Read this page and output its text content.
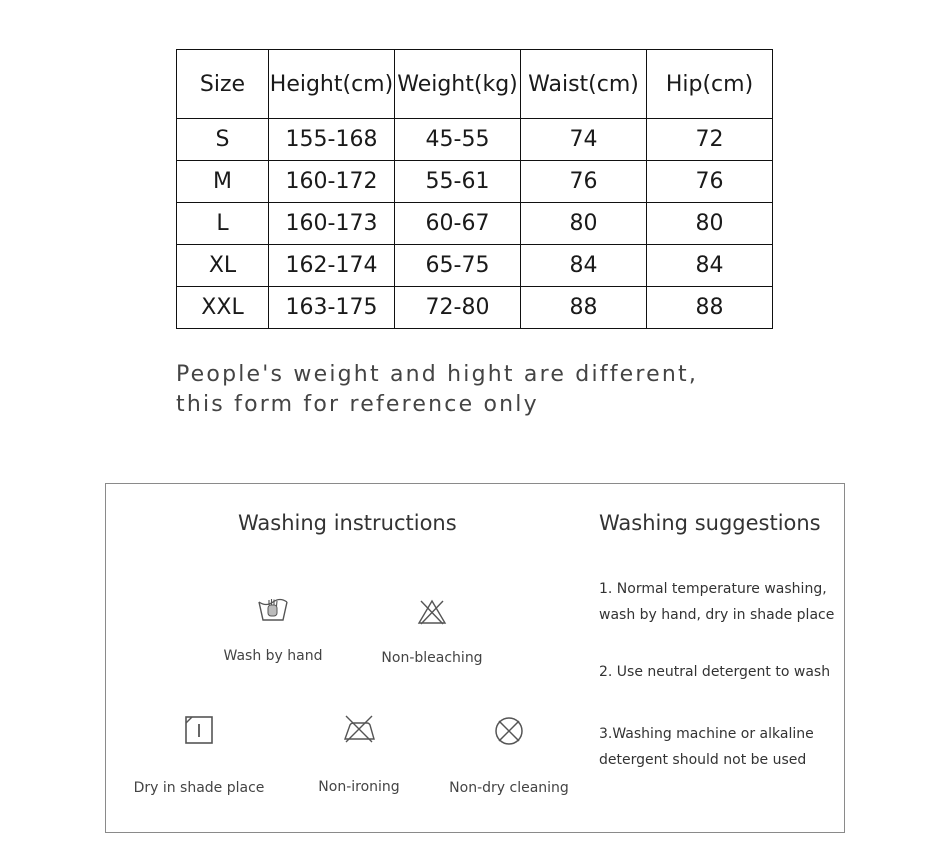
Size	Height(cm)	Weight(kg)	Waist(cm)	Hip(cm)
S	155-168	45-55	74	72
M	160-172	55-61	76	76
L	160-173	60-67	80	80
XL	162-174	65-75	84	84
XXL	163-175	72-80	88	88
People's weight and hight are different,
this form for reference only
Washing instructions	Washing suggestions
Wash by hand	Non-bleaching
Dry in shade place	Non-ironing	Non-dry cleaning
1. Normal temperature washing,
wash by hand, dry in shade place
2. Use neutral detergent to wash
3.Washing machine or alkaline
detergent should not be used
